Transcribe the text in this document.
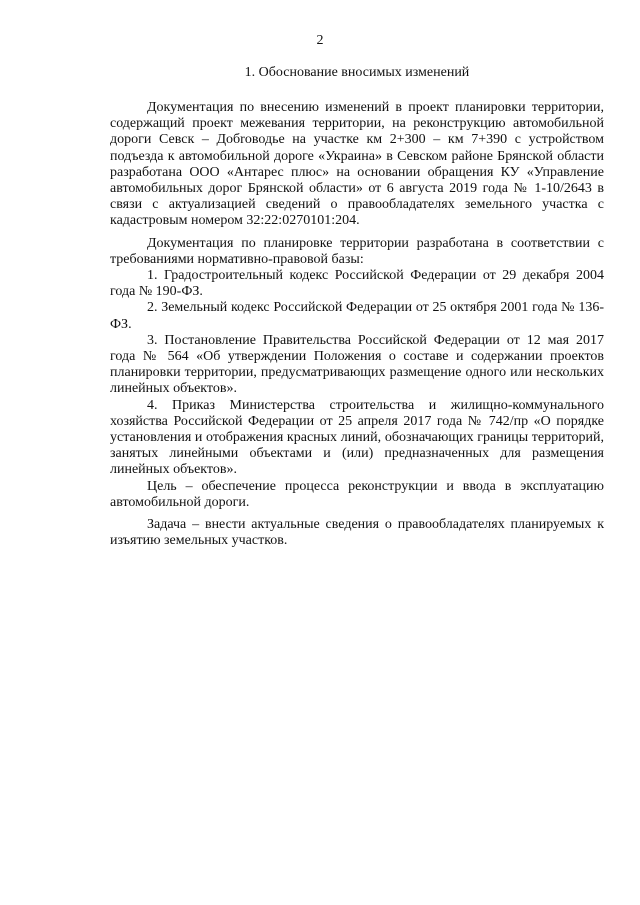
2
1. Обоснование вносимых изменений

Документация по внесению изменений в проект планировки территории, содержащий проект межевания территории, на реконструкцию автомобильной дороги Севск – Добrоводье на участке км 2+300 – км 7+390 с устройством подъезда к автомобильной дороге «Украина» в Севском районе Брянской области разработана ООО «Антарес плюс» на основании обращения КУ «Управление автомобильных дорог Брянской области» от 6 августа 2019 года № 1-10/2643 в связи с актуализацией сведений о правообладателях земельного участка с кадастровым номером 32:22:0270101:204.

Документация по планировке территории разработана в соответствии с требованиями нормативно-правовой базы:

1. Градостроительный кодекс Российской Федерации от 29 декабря 2004 года № 190-ФЗ.

2. Земельный кодекс Российской Федерации от 25 октября 2001 года № 136-ФЗ.

3. Постановление Правительства Российской Федерации от 12 мая 2017 года № 564 «Об утверждении Положения о составе и содержании проектов планировки территории, предусматривающих размещение одного или нескольких линейных объектов».

4. Приказ Министерства строительства и жилищно-коммунального хозяйства Российской Федерации от 25 апреля 2017 года № 742/пр «О порядке установления и отображения красных линий, обозначающих границы территорий, занятых линейными объектами и (или) предназначенных для размещения линейных объектов».

Цель – обеспечение процесса реконструкции и ввода в эксплуатацию автомобильной дороги.

Задача – внести актуальные сведения о правообладателях планируемых к изъятию земельных участков.
